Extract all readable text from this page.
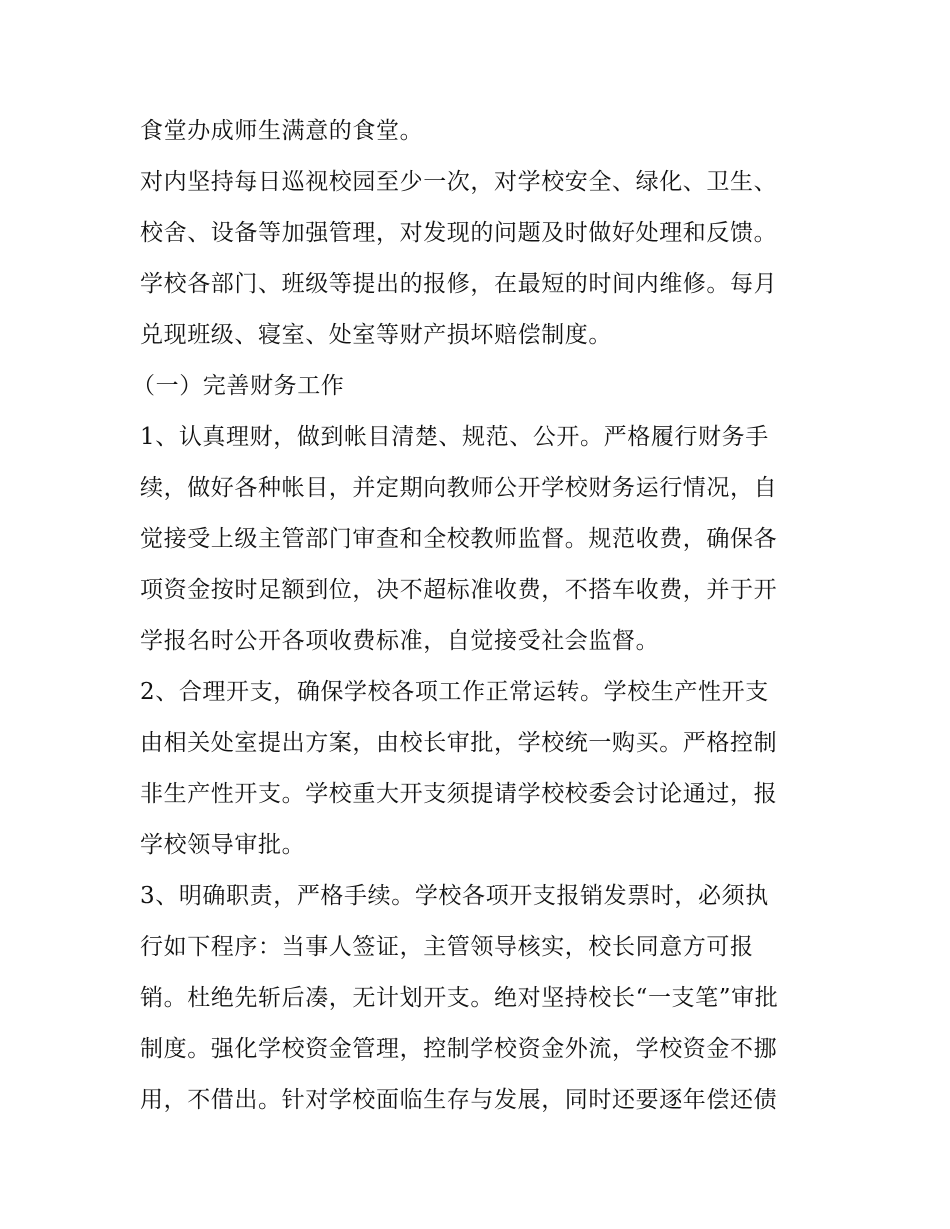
食堂办成师生满意的食堂。
对内坚持每日巡视校园至少一次，对学校安全、绿化、卫生、
校舍、设备等加强管理，对发现的问题及时做好处理和反馈。
学校各部门、班级等提出的报修，在最短的时间内维修。每月
兑现班级、寝室、处室等财产损坏赔偿制度。
（一）完善财务工作
1、认真理财，做到帐目清楚、规范、公开。严格履行财务手
续，做好各种帐目，并定期向教师公开学校财务运行情况，自
觉接受上级主管部门审查和全校教师监督。规范收费，确保各
项资金按时足额到位，决不超标准收费，不搭车收费，并于开
学报名时公开各项收费标准，自觉接受社会监督。
2、合理开支，确保学校各项工作正常运转。学校生产性开支
由相关处室提出方案，由校长审批，学校统一购买。严格控制
非生产性开支。学校重大开支须提请学校校委会讨论通过，报
学校领导审批。
3、明确职责，严格手续。学校各项开支报销发票时，必须执
行如下程序：当事人签证，主管领导核实，校长同意方可报
销。杜绝先斩后凑，无计划开支。绝对坚持校长“一支笔”审批
制度。强化学校资金管理，控制学校资金外流，学校资金不挪
用，不借出。针对学校面临生存与发展，同时还要逐年偿还债
